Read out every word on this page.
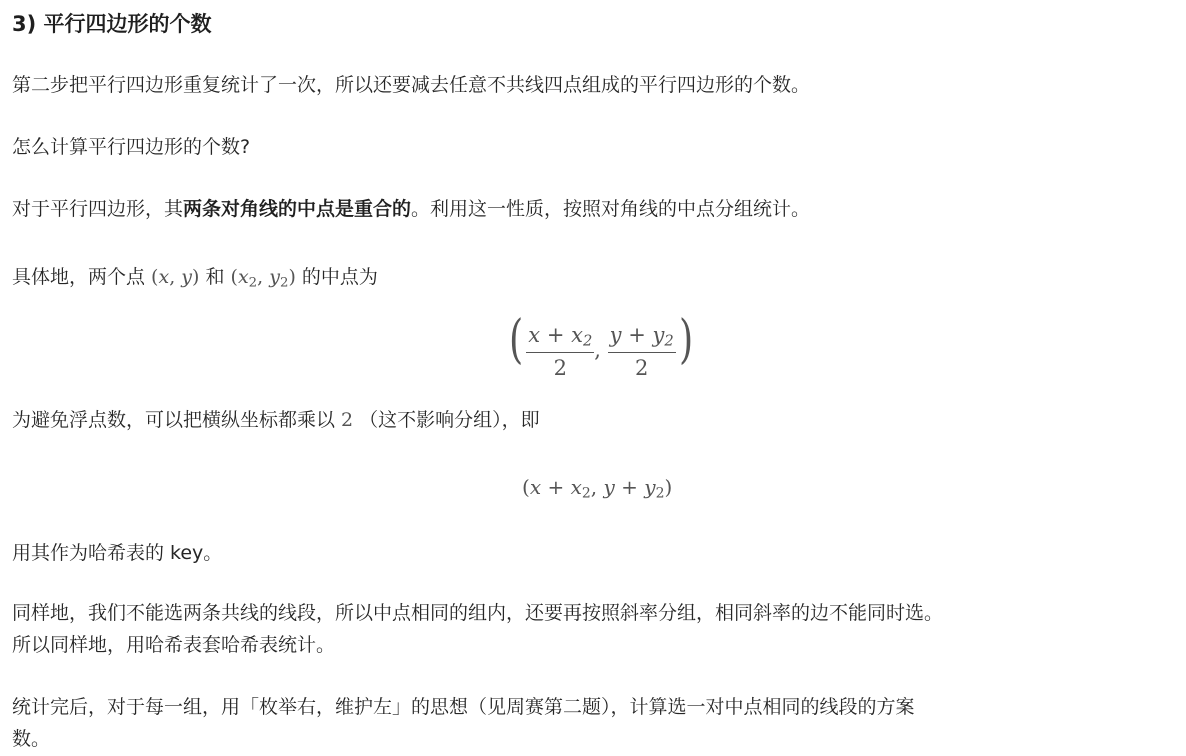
3) 平行四边形的个数

第二步把平行四边形重复统计了一次，所以还要减去任意不共线四点组成的平行四边形的个数。

怎么计算平行四边形的个数?

对于平行四边形，其两条对角线的中点是重合的。利用这一性质，按照对角线的中点分组统计。

具体地，两个点 (x, y) 和 ($x_2$, $y_2$) 的中点为

( $\frac{x + x_2}{2}$ , $\frac{y + y_2}{2}$ )

为避免浮点数，可以把横纵坐标都乘以 2 （这不影响分组），即

($x + x_2$, $y + y_2$)

用其作为哈希表的 key。

同样地，我们不能选两条共线的线段，所以中点相同的组内，还要再按照斜率分组，相同斜率的边不能同时选。

所以同样地，用哈希表套哈希表统计。

统计完后，对于每一组，用「枚举右，维护左」的思想（见周赛第二题），计算选一对中点相同的线段的方案

数。
